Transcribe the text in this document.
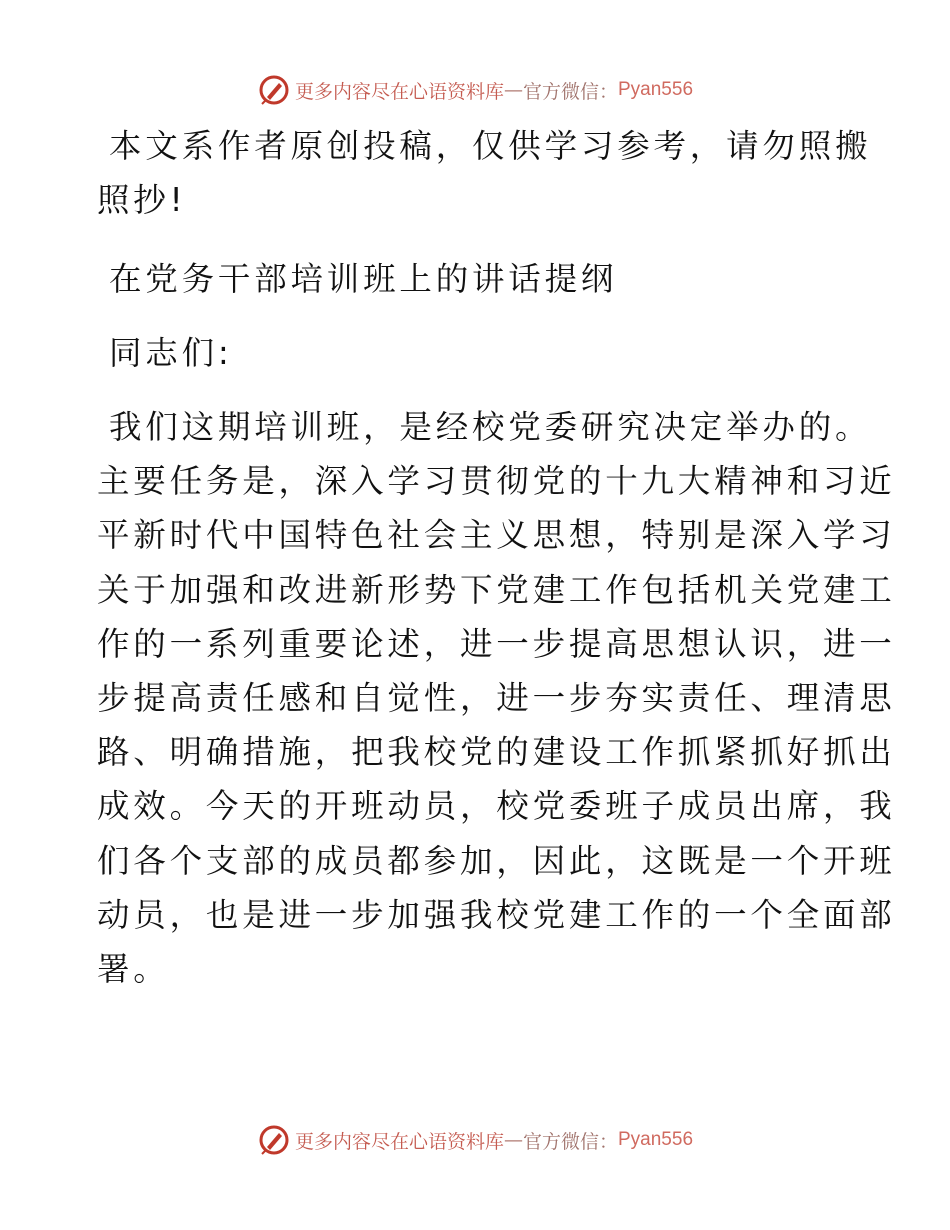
更多内容尽在心语资料库 — 官方微信： Pyan556
本文系作者原创投稿，仅供学习参考，请勿照搬
照抄!
在党务干部培训班上的讲话提纲
同志们:
我们这期培训班，是经校党委研究决定举办的。
主要任务是，深入学习贯彻党的十九大精神和习近
平新时代中国特色社会主义思想，特别是深入学习
关于加强和改进新形势下党建工作包括机关党建工
作的一系列重要论述，进一步提高思想认识，进一
步提高责任感和自觉性，进一步夯实责任、理清思
路、明确措施，把我校党的建设工作抓紧抓好抓出
成效。今天的开班动员，校党委班子成员出席，我
们各个支部的成员都参加，因此，这既是一个开班
动员，也是进一步加强我校党建工作的一个全面部
署。
更多内容尽在心语资料库 — 官方微信： Pyan556
